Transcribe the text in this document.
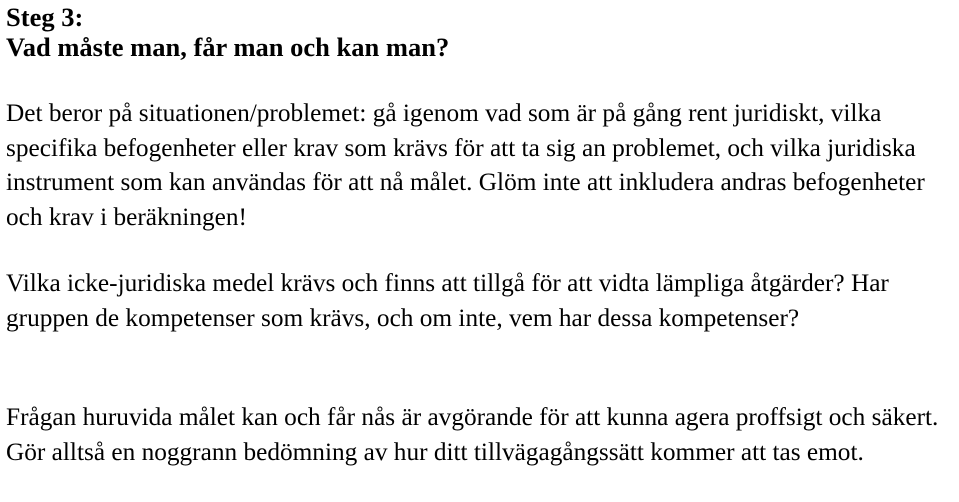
Steg 3:
Vad måste man, får man och kan man?

Det beror på situationen/problemet: gå igenom vad som är på gång rent juridiskt, vilka specifika befogenheter eller krav som krävs för att ta sig an problemet, och vilka juridiska instrument som kan användas för att nå målet. Glöm inte att inkludera andras befogenheter och krav i beräkningen!

Vilka icke-juridiska medel krävs och finns att tillgå för att vidta lämpliga åtgärder? Har gruppen de kompetenser som krävs, och om inte, vem har dessa kompetenser?

Frågan huruvida målet kan och får nås är avgörande för att kunna agera proffsigt och säkert. Gör alltså en noggrann bedömning av hur ditt tillvägagångssätt kommer att tas emot.
